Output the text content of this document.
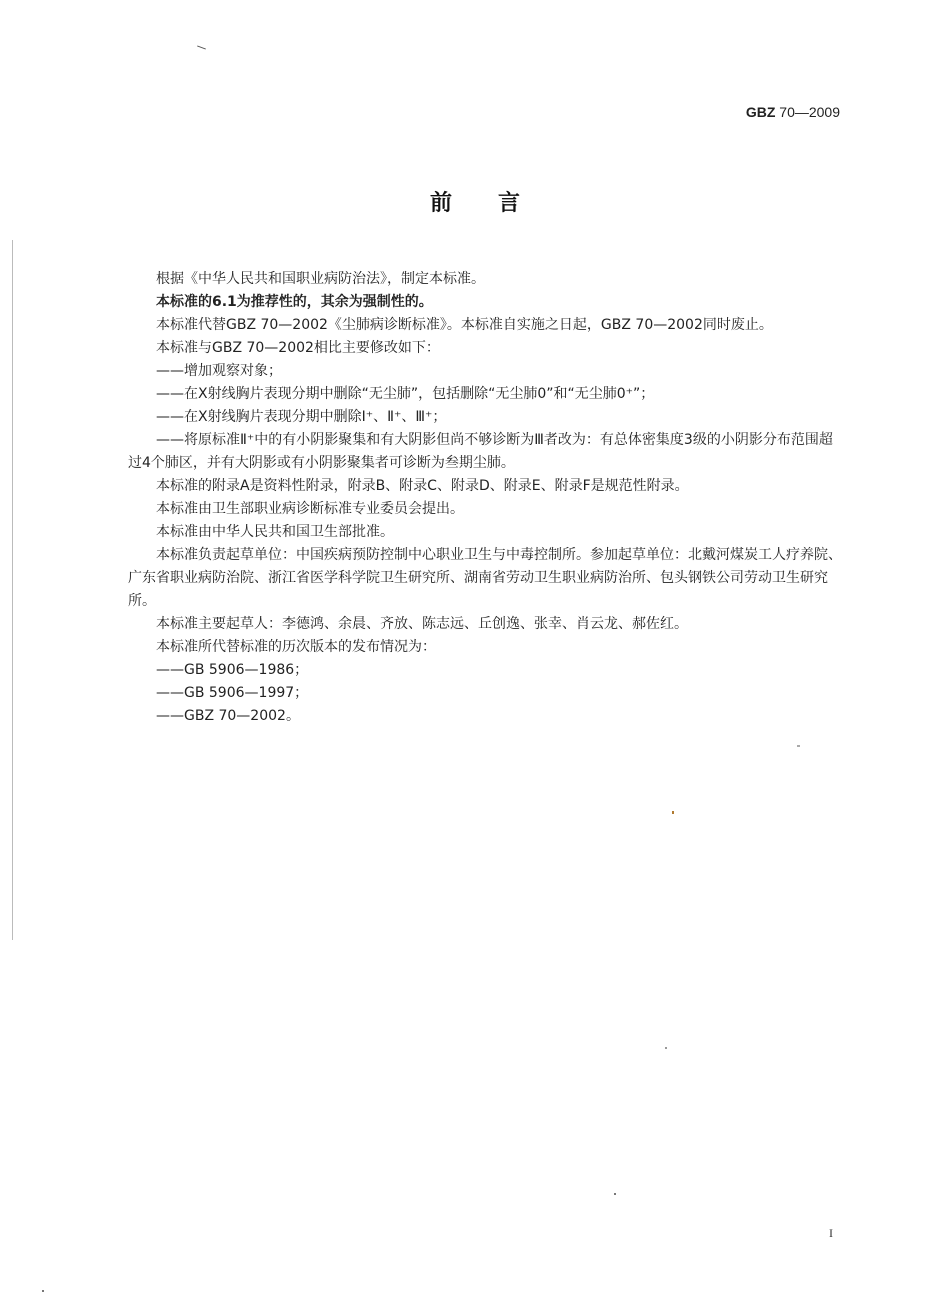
GBZ 70—2009
前言

根据《中华人民共和国职业病防治法》，制定本标准。

本标准的6.1为推荐性的，其余为强制性的。

本标准代替GBZ 70—2002《尘肺病诊断标准》。本标准自实施之日起，GBZ 70—2002同时废止。

本标准与GBZ 70—2002相比主要修改如下：

——增加观察对象；

——在X射线胸片表现分期中删除“无尘肺”，包括删除“无尘肺0”和“无尘肺0⁺”；

——在X射线胸片表现分期中删除Ⅰ⁺、Ⅱ⁺、Ⅲ⁺；

——将原标准Ⅱ⁺中的有小阴影聚集和有大阴影但尚不够诊断为Ⅲ者改为：有总体密集度3级的小阴影分布范围超过4个肺区，并有大阴影或有小阴影聚集者可诊断为叁期尘肺。

本标准的附录A是资料性附录，附录B、附录C、附录D、附录E、附录F是规范性附录。

本标准由卫生部职业病诊断标准专业委员会提出。

本标准由中华人民共和国卫生部批准。

本标准负责起草单位：中国疾病预防控制中心职业卫生与中毒控制所。参加起草单位：北戴河煤炭工人疗养院、广东省职业病防治院、浙江省医学科学院卫生研究所、湖南省劳动卫生职业病防治所、包头钢铁公司劳动卫生研究所。

本标准主要起草人：李德鸿、余晨、齐放、陈志远、丘创逸、张幸、肖云龙、郝佐红。

本标准所代替标准的历次版本的发布情况为：

——GB 5906—1986；

——GB 5906—1997；

——GBZ 70—2002。

I
